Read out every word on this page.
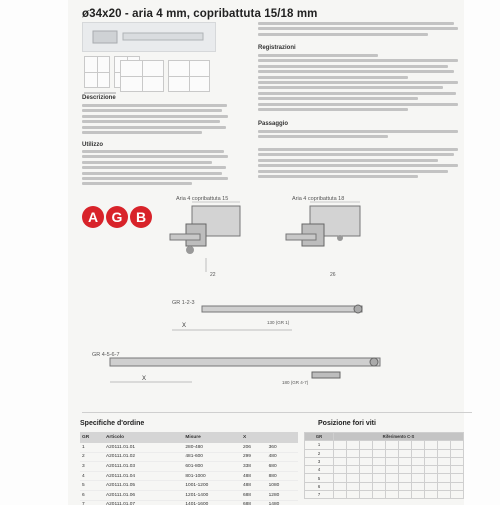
ø34x20 - aria 4 mm, copribattuta 15/18 mm
Descrizione
Utilizzo
Registrazioni
Passaggio
A G B
Aria 4 copribattuta 15	Aria 4 copribattuta 18
22	26
GR 1-2-3
X
130 (GR 1)
GR 4-5-6-7
X
180 (GR 4-7)
Specifiche d'ordine
GR	Articolo		Misure	X	
1	A20111.01.01		280-480	206	360
2	A20111.01.02		481-600	299	480
3	A20111.01.03		601-800	338	680
4	A20111.01.04		801-1000	488	880
5	A20111.01.05		1001-1200	488	1080
6	A20111.01.06		1201-1400	688	1280
7	A20111.01.07		1401-1600	688	1480
Posizione fori viti
GR	Riferimento C-S									
1										
2										
3										
4										
5										
6										
7										
